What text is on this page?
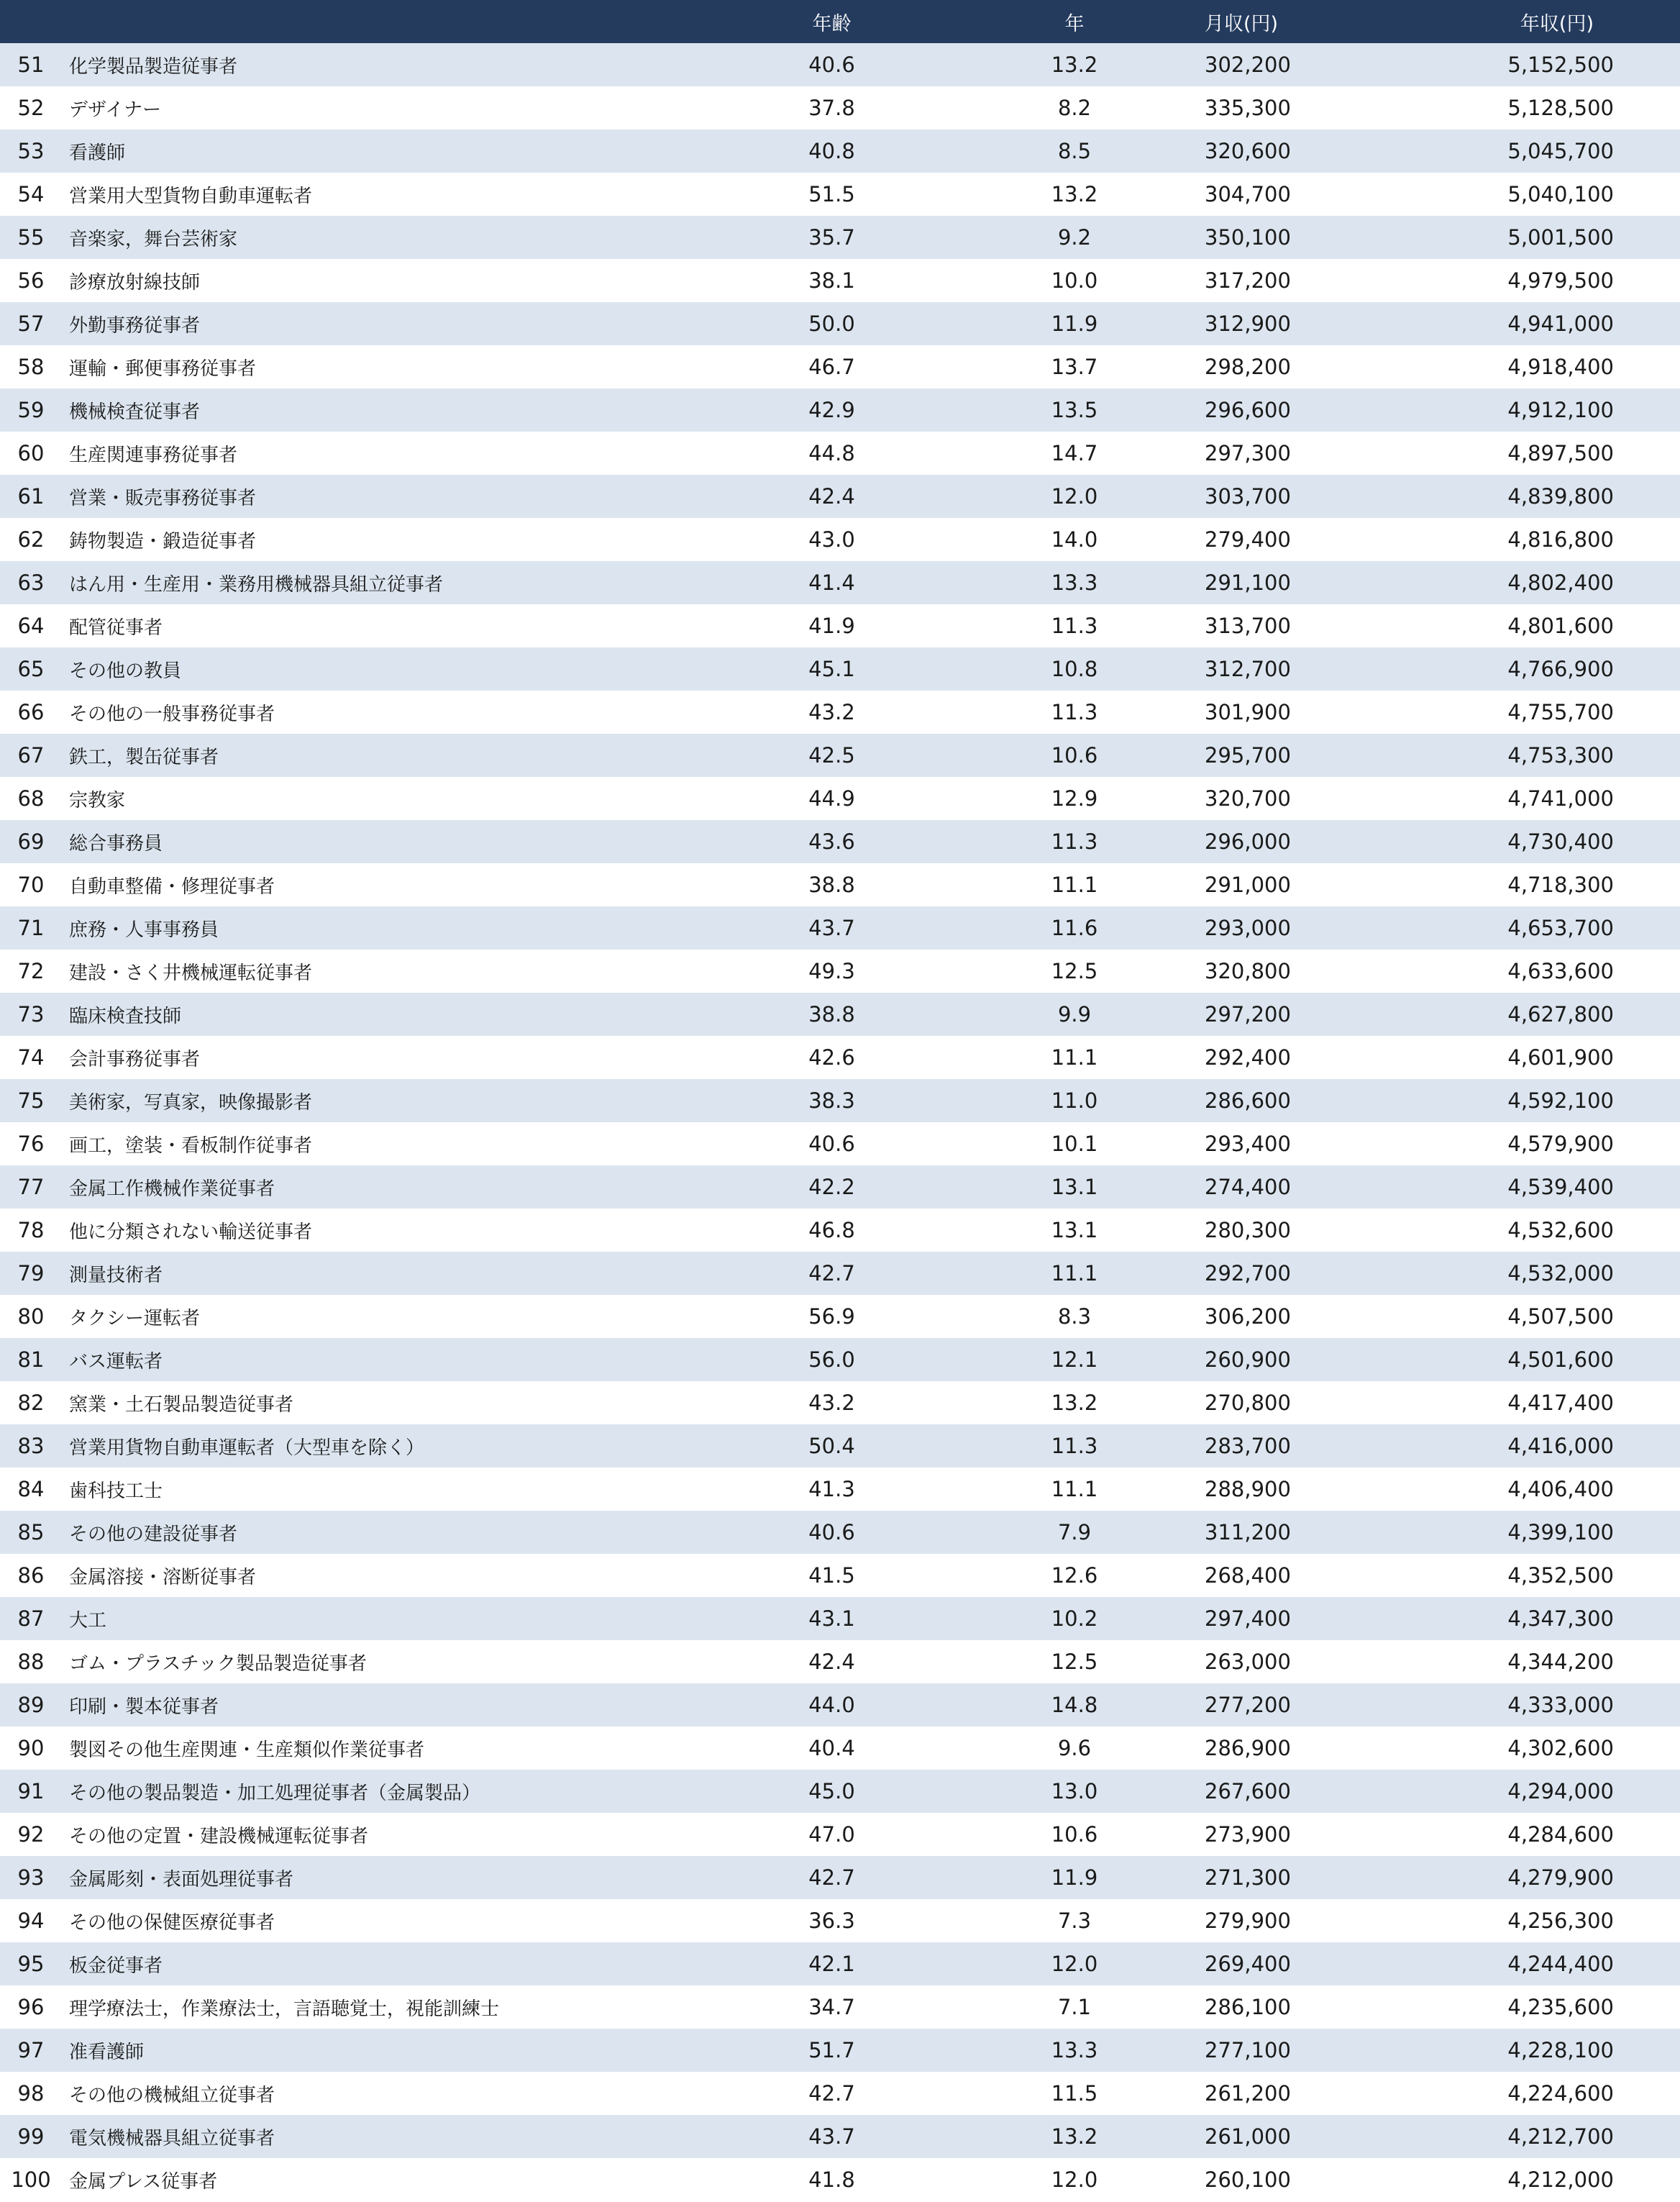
		年齢	年	月収(円)	年収(円)
51	化学製品製造従事者	40.6	13.2	302,200	5,152,500
52	デザイナー	37.8	8.2	335,300	5,128,500
53	看護師	40.8	8.5	320,600	5,045,700
54	営業用大型貨物自動車運転者	51.5	13.2	304,700	5,040,100
55	音楽家，舞台芸術家	35.7	9.2	350,100	5,001,500
56	診療放射線技師	38.1	10.0	317,200	4,979,500
57	外勤事務従事者	50.0	11.9	312,900	4,941,000
58	運輸・郵便事務従事者	46.7	13.7	298,200	4,918,400
59	機械検査従事者	42.9	13.5	296,600	4,912,100
60	生産関連事務従事者	44.8	14.7	297,300	4,897,500
61	営業・販売事務従事者	42.4	12.0	303,700	4,839,800
62	鋳物製造・鍛造従事者	43.0	14.0	279,400	4,816,800
63	はん用・生産用・業務用機械器具組立従事者	41.4	13.3	291,100	4,802,400
64	配管従事者	41.9	11.3	313,700	4,801,600
65	その他の教員	45.1	10.8	312,700	4,766,900
66	その他の一般事務従事者	43.2	11.3	301,900	4,755,700
67	鉄工，製缶従事者	42.5	10.6	295,700	4,753,300
68	宗教家	44.9	12.9	320,700	4,741,000
69	総合事務員	43.6	11.3	296,000	4,730,400
70	自動車整備・修理従事者	38.8	11.1	291,000	4,718,300
71	庶務・人事事務員	43.7	11.6	293,000	4,653,700
72	建設・さく井機械運転従事者	49.3	12.5	320,800	4,633,600
73	臨床検査技師	38.8	9.9	297,200	4,627,800
74	会計事務従事者	42.6	11.1	292,400	4,601,900
75	美術家，写真家，映像撮影者	38.3	11.0	286,600	4,592,100
76	画工，塗装・看板制作従事者	40.6	10.1	293,400	4,579,900
77	金属工作機械作業従事者	42.2	13.1	274,400	4,539,400
78	他に分類されない輸送従事者	46.8	13.1	280,300	4,532,600
79	測量技術者	42.7	11.1	292,700	4,532,000
80	タクシー運転者	56.9	8.3	306,200	4,507,500
81	バス運転者	56.0	12.1	260,900	4,501,600
82	窯業・土石製品製造従事者	43.2	13.2	270,800	4,417,400
83	営業用貨物自動車運転者（大型車を除く）	50.4	11.3	283,700	4,416,000
84	歯科技工士	41.3	11.1	288,900	4,406,400
85	その他の建設従事者	40.6	7.9	311,200	4,399,100
86	金属溶接・溶断従事者	41.5	12.6	268,400	4,352,500
87	大工	43.1	10.2	297,400	4,347,300
88	ゴム・プラスチック製品製造従事者	42.4	12.5	263,000	4,344,200
89	印刷・製本従事者	44.0	14.8	277,200	4,333,000
90	製図その他生産関連・生産類似作業従事者	40.4	9.6	286,900	4,302,600
91	その他の製品製造・加工処理従事者（金属製品）	45.0	13.0	267,600	4,294,000
92	その他の定置・建設機械運転従事者	47.0	10.6	273,900	4,284,600
93	金属彫刻・表面処理従事者	42.7	11.9	271,300	4,279,900
94	その他の保健医療従事者	36.3	7.3	279,900	4,256,300
95	板金従事者	42.1	12.0	269,400	4,244,400
96	理学療法士，作業療法士，言語聴覚士，視能訓練士	34.7	7.1	286,100	4,235,600
97	准看護師	51.7	13.3	277,100	4,228,100
98	その他の機械組立従事者	42.7	11.5	261,200	4,224,600
99	電気機械器具組立従事者	43.7	13.2	261,000	4,212,700
100	金属プレス従事者	41.8	12.0	260,100	4,212,000
